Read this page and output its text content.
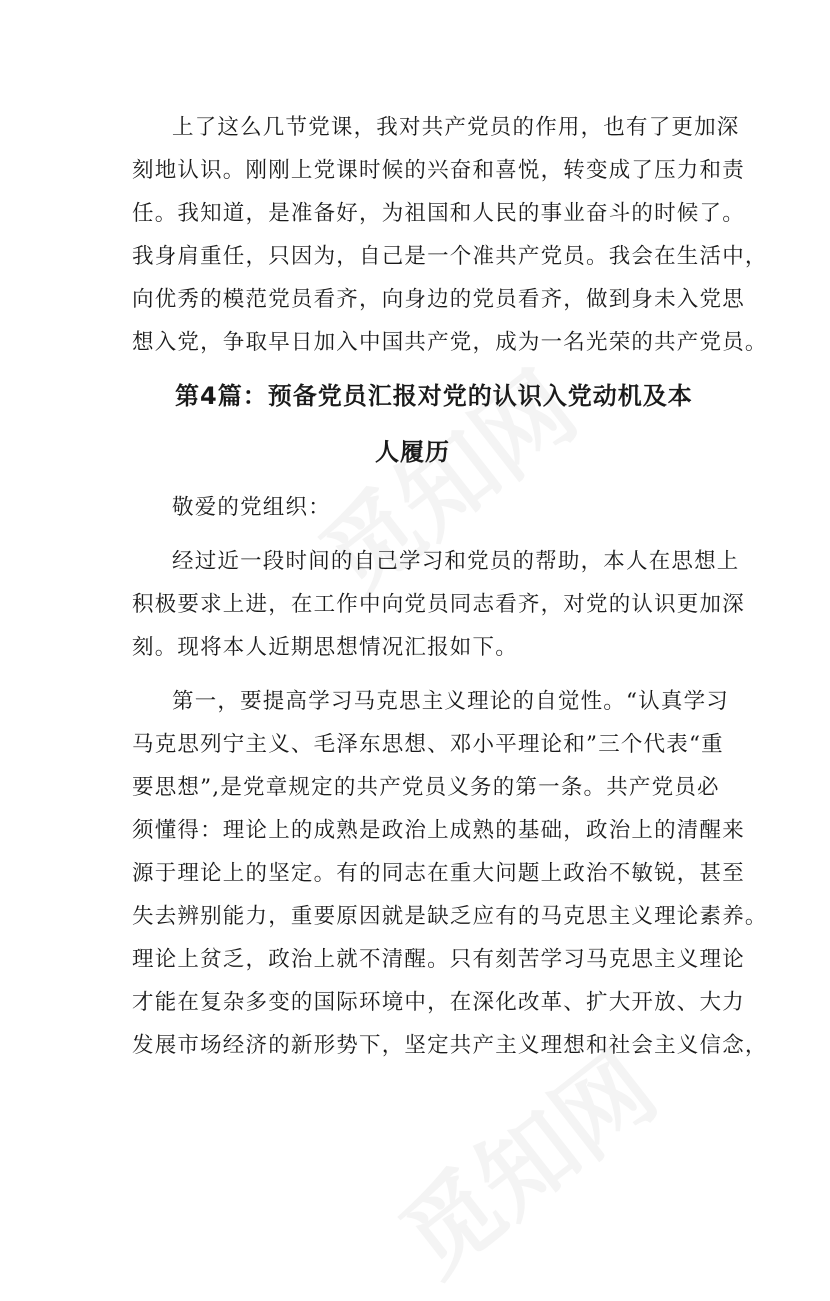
上了这么几节党课，我对共产党员的作用，也有了更加深
刻地认识。刚刚上党课时候的兴奋和喜悦，转变成了压力和责
任。我知道，是准备好，为祖国和人民的事业奋斗的时候了。
我身肩重任，只因为，自己是一个准共产党员。我会在生活中，
向优秀的模范党员看齐，向身边的党员看齐，做到身未入党思
想入党，争取早日加入中国共产党，成为一名光荣的共产党员。
第4篇：预备党员汇报对党的认识入党动机及本
人履历
敬爱的党组织：
经过近一段时间的自己学习和党员的帮助，本人在思想上
积极要求上进，在工作中向党员同志看齐，对党的认识更加深
刻。现将本人近期思想情况汇报如下。
第一，要提高学习马克思主义理论的自觉性。“认真学习
马克思列宁主义、毛泽东思想、邓小平理论和”三个代表“重
要思想”,是党章规定的共产党员义务的第一条。共产党员必
须懂得：理论上的成熟是政治上成熟的基础，政治上的清醒来
源于理论上的坚定。有的同志在重大问题上政治不敏锐，甚至
失去辨别能力，重要原因就是缺乏应有的马克思主义理论素养。
理论上贫乏，政治上就不清醒。只有刻苦学习马克思主义理论
才能在复杂多变的国际环境中，在深化改革、扩大开放、大力
发展市场经济的新形势下，坚定共产主义理想和社会主义信念，
